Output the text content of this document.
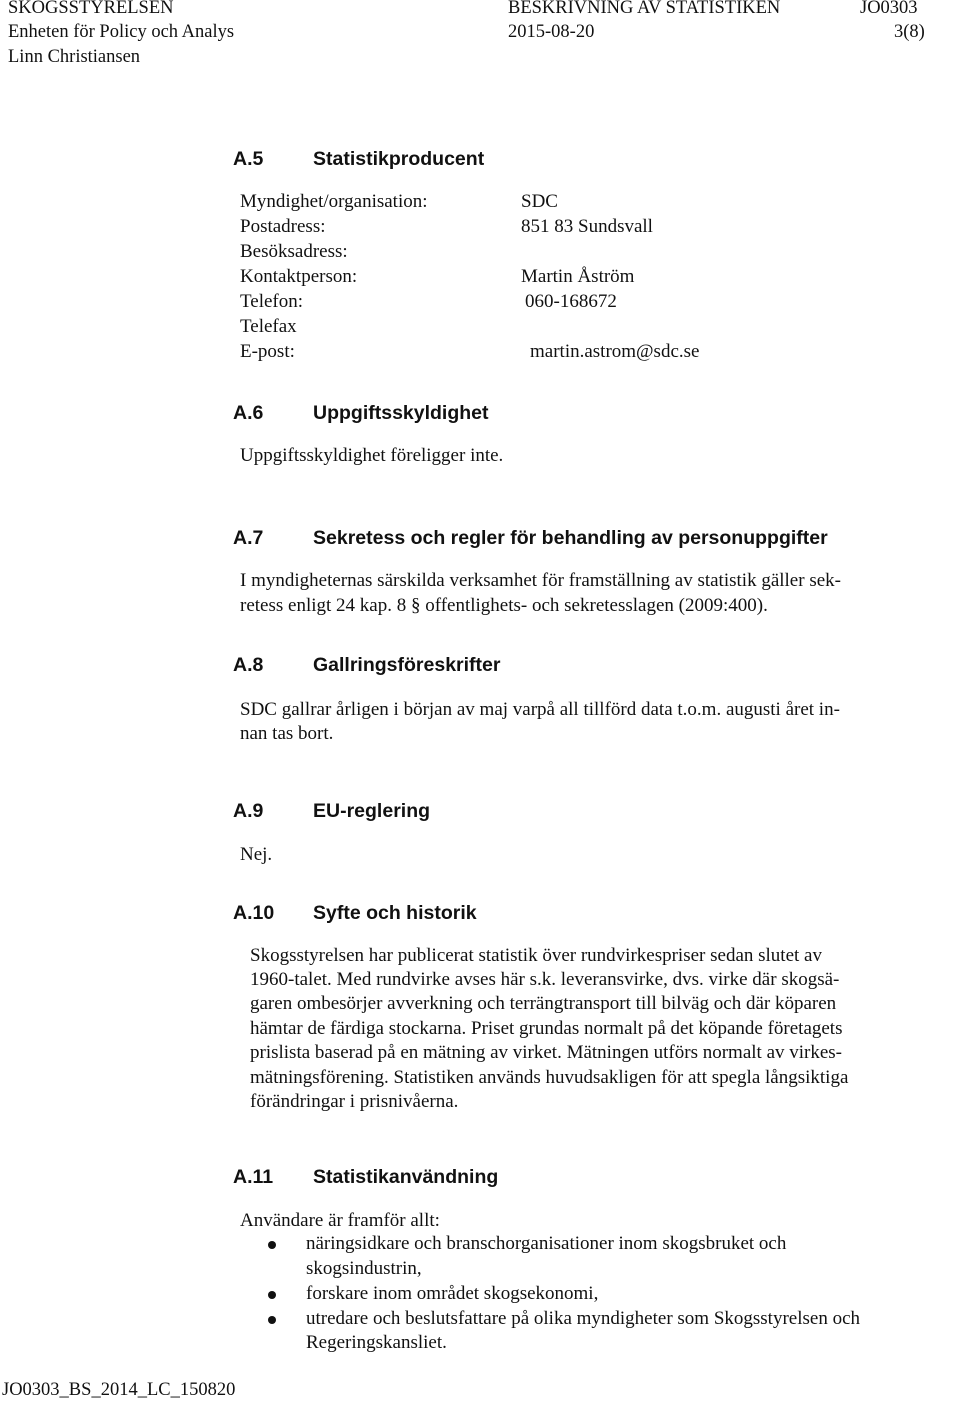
SKOGSSTYRELSEN	BESKRIVNING AV STATISTIKEN	JO0303
Enheten för Policy och Analys	2015-08-20	3(8)
Linn Christiansen
A.5	Statistikproducent
Myndighet/organisation:	SDC
Postadress:	851 83 Sundsvall
Besöksadress:
Kontaktperson:	Martin Åström
Telefon:	060-168672
Telefax
E-post:	martin.astrom@sdc.se
A.6	Uppgiftsskyldighet
Uppgiftsskyldighet föreligger inte.
A.7	Sekretess och regler för behandling av personuppgifter
I myndigheternas särskilda verksamhet för framställning av statistik gäller sek-
retess enligt 24 kap. 8 § offentlighets- och sekretesslagen (2009:400).
A.8	Gallringsföreskrifter
SDC gallrar årligen i början av maj varpå all tillförd data t.o.m. augusti året in-
nan tas bort.
A.9	EU-reglering
Nej.
A.10 Syfte och historik
Skogsstyrelsen har publicerat statistik över rundvirkespriser sedan slutet av
1960-talet. Med rundvirke avses här s.k. leveransvirke, dvs. virke där skogsä-
garen ombesörjer avverkning och terrängtransport till bilväg och där köparen
hämtar de färdiga stockarna. Priset grundas normalt på det köpande företagets
prislista baserad på en mätning av virket. Mätningen utförs normalt av virkes-
mätningsförening. Statistiken används huvudsakligen för att spegla långsiktiga
förändringar i prisnivåerna.
A.11 Statistikanvändning
Användare är framför allt:
näringsidkare och branschorganisationer inom skogsbruket och
skogsindustrin,
forskare inom området skogsekonomi,
utredare och beslutsfattare på olika myndigheter som Skogsstyrelsen och
Regeringskansliet.
JO0303_BS_2014_LC_150820
